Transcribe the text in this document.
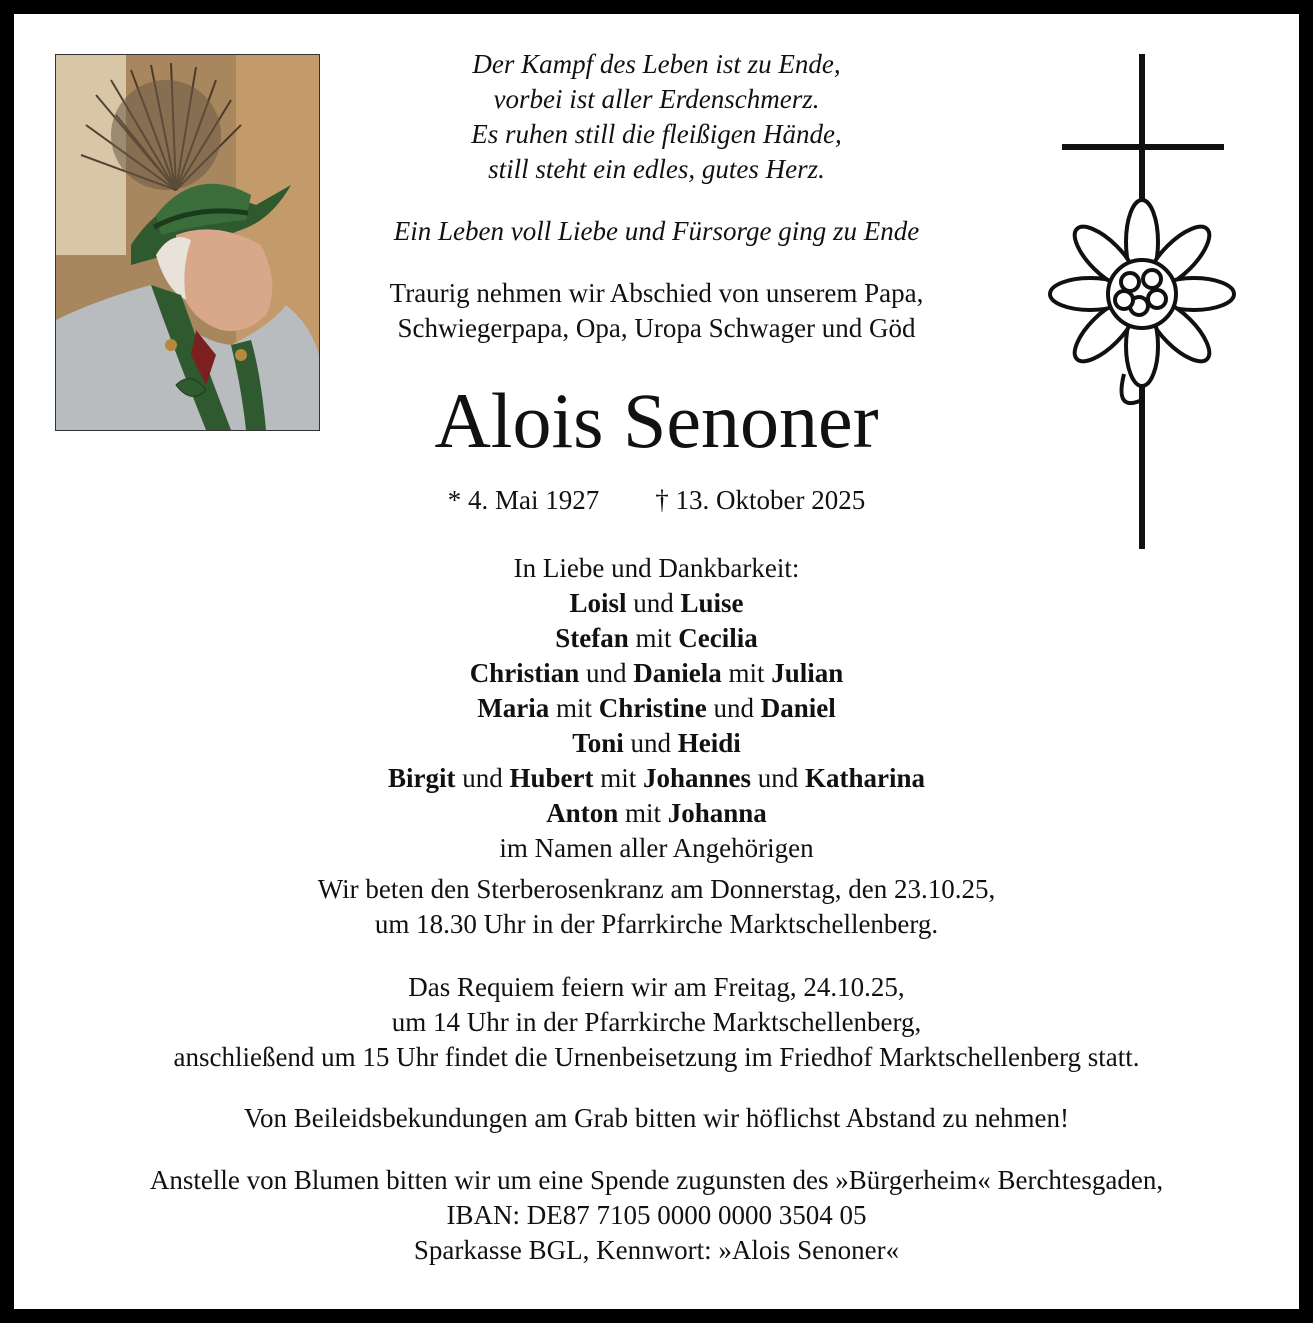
Der Kampf des Leben ist zu Ende,
vorbei ist aller Erdenschmerz.
Es ruhen still die fleißigen Hände,
still steht ein edles, gutes Herz.
Ein Leben voll Liebe und Fürsorge ging zu Ende
Traurig nehmen wir Abschied von unserem Papa,
Schwiegerpapa, Opa, Uropa Schwager und Göd
Alois Senoner
* 4. Mai 1927 † 13. Oktober 2025
In Liebe und Dankbarkeit:
Loisl und Luise
Stefan mit Cecilia
Christian und Daniela mit Julian
Maria mit Christine und Daniel
Toni und Heidi
Birgit und Hubert mit Johannes und Katharina
Anton mit Johanna
im Namen aller Angehörigen
Wir beten den Sterberosenkranz am Donnerstag, den 23.10.25,
um 18.30 Uhr in der Pfarrkirche Marktschellenberg.
Das Requiem feiern wir am Freitag, 24.10.25,
um 14 Uhr in der Pfarrkirche Marktschellenberg,
anschließend um 15 Uhr findet die Urnenbeisetzung im Friedhof Marktschellenberg statt.
Von Beileidsbekundungen am Grab bitten wir höflichst Abstand zu nehmen!
Anstelle von Blumen bitten wir um eine Spende zugunsten des »Bürgerheim« Berchtesgaden,
IBAN: DE87 7105 0000 0000 3504 05
Sparkasse BGL, Kennwort: »Alois Senoner«
